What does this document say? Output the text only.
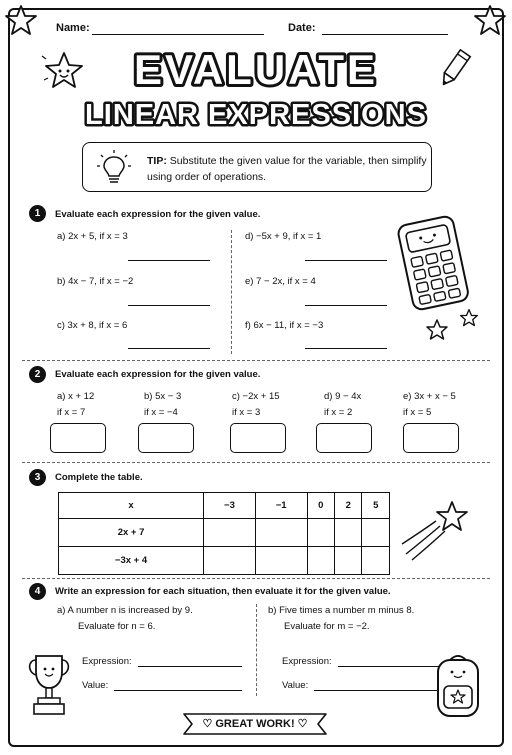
Name:	Date:
EVALUATE
LINEAR EXPRESSIONS
TIP: Substitute the given value for the variable, then simplify using order of operations.
1	Evaluate each expression for the given value.
a) 2x + 5, if x = 3	d) −5x + 9, if x = 1
b) 4x − 7, if x = −2	e) 7 − 2x, if x = 4
c) 3x + 8, if x = 6	f) 6x − 11, if x = −3
2	Evaluate each expression for the given value.
a) x + 12
if x = 7
b) 5x − 3
if x = −4
c) −2x + 15
if x = 3
d) 9 − 4x
if x = 2
e) 3x + x − 5
if x = 5
3	Complete the table.
x	−3	−1	0	2	5
2x + 7					
−3x + 4					
4	Write an expression for each situation, then evaluate it for the given value.
a) A number n is increased by 9.
Evaluate for n = 6.
b) Five times a number m minus 8.
Evaluate for m = −2.
Expression:
Value:
Expression:
Value:
♡ GREAT WORK! ♡
